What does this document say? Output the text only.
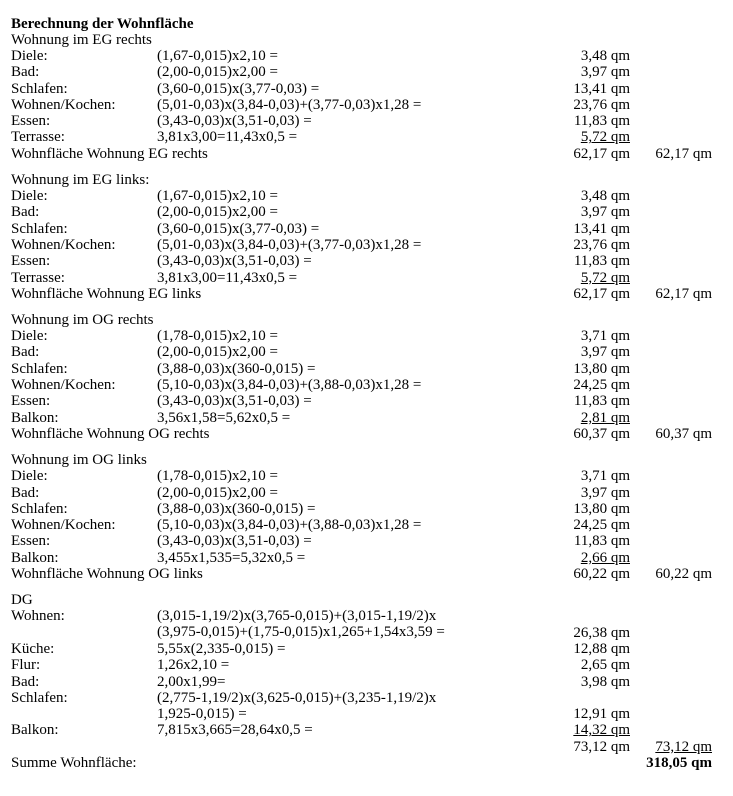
Berechnung der Wohnfläche
Wohnung im EG rechts
Diele:	(1,67-0,015)x2,10 =	3,48 qm
Bad:	(2,00-0,015)x2,00 =	3,97 qm
Schlafen:	(3,60-0,015)x(3,77-0,03) =	13,41 qm
Wohnen/Kochen:	(5,01-0,03)x(3,84-0,03)+(3,77-0,03)x1,28 =	23,76 qm
Essen:	(3,43-0,03)x(3,51-0,03) =	11,83 qm
Terrasse:	3,81x3,00=11,43x0,5 =	5,72 qm
Wohnfläche Wohnung EG rechts	62,17 qm 62,17 qm
Wohnung im EG links:
Diele:	(1,67-0,015)x2,10 =	3,48 qm
Bad:	(2,00-0,015)x2,00 =	3,97 qm
Schlafen:	(3,60-0,015)x(3,77-0,03) =	13,41 qm
Wohnen/Kochen:	(5,01-0,03)x(3,84-0,03)+(3,77-0,03)x1,28 =	23,76 qm
Essen:	(3,43-0,03)x(3,51-0,03) =	11,83 qm
Terrasse:	3,81x3,00=11,43x0,5 =	5,72 qm
Wohnfläche Wohnung EG links	62,17 qm 62,17 qm
Wohnung im OG rechts
Diele:	(1,78-0,015)x2,10 =	3,71 qm
Bad:	(2,00-0,015)x2,00 =	3,97 qm
Schlafen:	(3,88-0,03)x(360-0,015) =	13,80 qm
Wohnen/Kochen:	(5,10-0,03)x(3,84-0,03)+(3,88-0,03)x1,28 =	24,25 qm
Essen:	(3,43-0,03)x(3,51-0,03) =	11,83 qm
Balkon:	3,56x1,58=5,62x0,5 =	2,81 qm
Wohnfläche Wohnung OG rechts	60,37 qm 60,37 qm
Wohnung im OG links
Diele:	(1,78-0,015)x2,10 =	3,71 qm
Bad:	(2,00-0,015)x2,00 =	3,97 qm
Schlafen:	(3,88-0,03)x(360-0,015) =	13,80 qm
Wohnen/Kochen:	(5,10-0,03)x(3,84-0,03)+(3,88-0,03)x1,28 =	24,25 qm
Essen:	(3,43-0,03)x(3,51-0,03) =	11,83 qm
Balkon:	3,455x1,535=5,32x0,5 =	2,66 qm
Wohnfläche Wohnung OG links	60,22 qm 60,22 qm
DG
Wohnen:	(3,015-1,19/2)x(3,765-0,015)+(3,015-1,19/2)x
(3,975-0,015)+(1,75-0,015)x1,265+1,54x3,59 =	26,38 qm
Küche:	5,55x(2,335-0,015) =	12,88 qm
Flur:	1,26x2,10 =	2,65 qm
Bad:	2,00x1,99=	3,98 qm
Schlafen:	(2,775-1,19/2)x(3,625-0,015)+(3,235-1,19/2)x
1,925-0,015) =	12,91 qm
Balkon:	7,815x3,665=28,64x0,5 =	14,32 qm
73,12 qm 73,12 qm
Summe Wohnfläche:	318,05 qm
